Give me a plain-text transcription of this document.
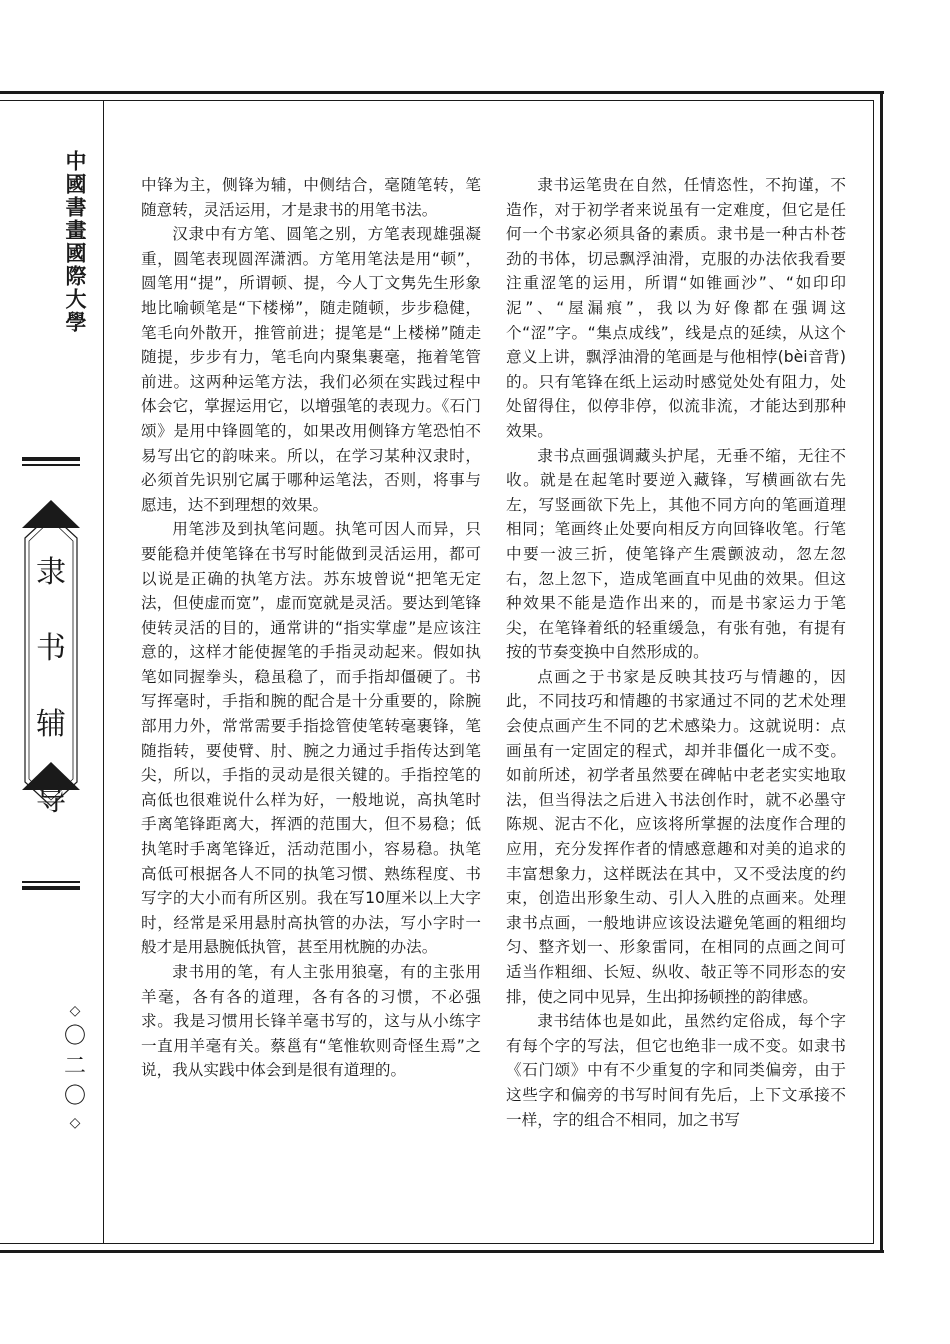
中國書畫國際大學
隶
书
辅
导
◇
〇
二
〇
◇

中锋为主，侧锋为辅，中侧结合，毫随笔转，笔随意转，灵活运用，才是隶书的用笔书法。

汉隶中有方笔、圆笔之别，方笔表现雄强凝重，圆笔表现圆浑潇洒。方笔用笔法是用“顿”，圆笔用“提”，所谓顿、提，今人丁文隽先生形象地比喻顿笔是“下楼梯”，随走随顿，步步稳健，笔毛向外散开，推管前进；提笔是“上楼梯”随走随提，步步有力，笔毛向内聚集裹毫，拖着笔管前进。这两种运笔方法，我们必须在实践过程中体会它，掌握运用它，以增强笔的表现力。《石门颂》是用中锋圆笔的，如果改用侧锋方笔恐怕不易写出它的韵味来。所以，在学习某种汉隶时，必须首先识别它属于哪种运笔法，否则，将事与愿违，达不到理想的效果。

用笔涉及到执笔问题。执笔可因人而异，只要能稳并使笔锋在书写时能做到灵活运用，都可以说是正确的执笔方法。苏东坡曾说“把笔无定法，但使虚而宽”，虚而宽就是灵活。要达到笔锋使转灵活的目的，通常讲的“指实掌虚”是应该注意的，这样才能使握笔的手指灵动起来。假如执笔如同握拳头，稳虽稳了，而手指却僵硬了。书写挥毫时，手指和腕的配合是十分重要的，除腕部用力外，常常需要手指捻管使笔转毫裹锋，笔随指转，要使臂、肘、腕之力通过手指传达到笔尖，所以，手指的灵动是很关键的。手指控笔的高低也很难说什么样为好，一般地说，高执笔时手离笔锋距离大，挥洒的范围大，但不易稳；低执笔时手离笔锋近，活动范围小，容易稳。执笔高低可根据各人不同的执笔习惯、熟练程度、书写字的大小而有所区别。我在写10厘米以上大字时，经常是采用悬肘高执管的办法，写小字时一般才是用悬腕低执管，甚至用枕腕的办法。

隶书用的笔，有人主张用狼毫，有的主张用羊毫，各有各的道理，各有各的习惯，不必强求。我是习惯用长锋羊毫书写的，这与从小练字一直用羊毫有关。蔡邕有“笔惟软则奇怪生焉”之说，我从实践中体会到是很有道理的。

隶书运笔贵在自然，任情恣性，不拘谨，不造作，对于初学者来说虽有一定难度，但它是任何一个书家必须具备的素质。隶书是一种古朴苍劲的书体，切忌飘浮油滑，克服的办法依我看要注重涩笔的运用，所谓“如锥画沙”、“如印印泥”、“屋漏痕”，我以为好像都在强调这个“涩”字。“集点成线”，线是点的延续，从这个意义上讲，飘浮油滑的笔画是与他相悖(bèi音背)的。只有笔锋在纸上运动时感觉处处有阻力，处处留得住，似停非停，似流非流，才能达到那种效果。

隶书点画强调藏头护尾，无垂不缩，无往不收。就是在起笔时要逆入藏锋，写横画欲右先左，写竖画欲下先上，其他不同方向的笔画道理相同；笔画终止处要向相反方向回锋收笔。行笔中要一波三折，使笔锋产生震颤波动，忽左忽右，忽上忽下，造成笔画直中见曲的效果。但这种效果不能是造作出来的，而是书家运力于笔尖，在笔锋着纸的轻重缓急，有张有弛，有提有按的节奏变换中自然形成的。

点画之于书家是反映其技巧与情趣的，因此，不同技巧和情趣的书家通过不同的艺术处理会使点画产生不同的艺术感染力。这就说明：点画虽有一定固定的程式，却并非僵化一成不变。如前所述，初学者虽然要在碑帖中老老实实地取法，但当得法之后进入书法创作时，就不必墨守陈规、泥古不化，应该将所掌握的法度作合理的应用，充分发挥作者的情感意趣和对美的追求的丰富想象力，这样既法在其中，又不受法度的约束，创造出形象生动、引人入胜的点画来。处理隶书点画，一般地讲应该设法避免笔画的粗细均匀、整齐划一、形象雷同，在相同的点画之间可适当作粗细、长短、纵收、敧正等不同形态的安排，使之同中见异，生出抑扬顿挫的韵律感。

隶书结体也是如此，虽然约定俗成，每个字有每个字的写法，但它也绝非一成不变。如隶书《石门颂》中有不少重复的字和同类偏旁，由于这些字和偏旁的书写时间有先后，上下文承接不一样，字的组合不相同，加之书写
